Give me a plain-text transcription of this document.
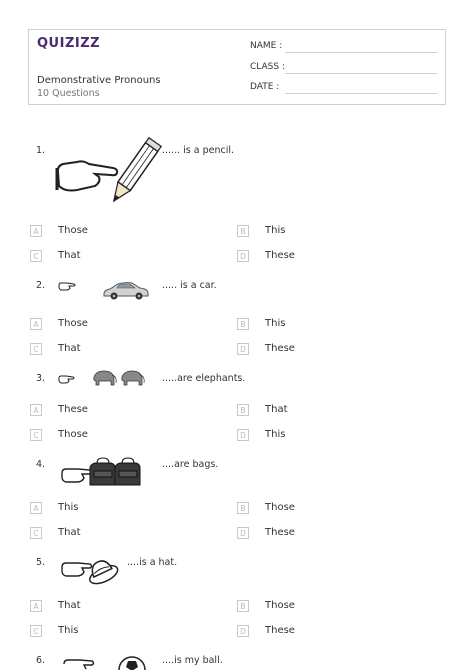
QUIZIZZ
Demonstrative Pronouns
10 Questions
NAME :
CLASS :
DATE :
1.	...... is a pencil.
A	Those	B	This
C	That	D	These
2.	..... is a car.
A	Those	B	This
C	That	D	These
3.	.....are elephants.
A	These	B	That
C	Those	D	This
4.	....are bags.
A	This	B	Those
C	That	D	These
5.	....is a hat.
A	That	B	Those
C	This	D	These
6.	....is my ball.
